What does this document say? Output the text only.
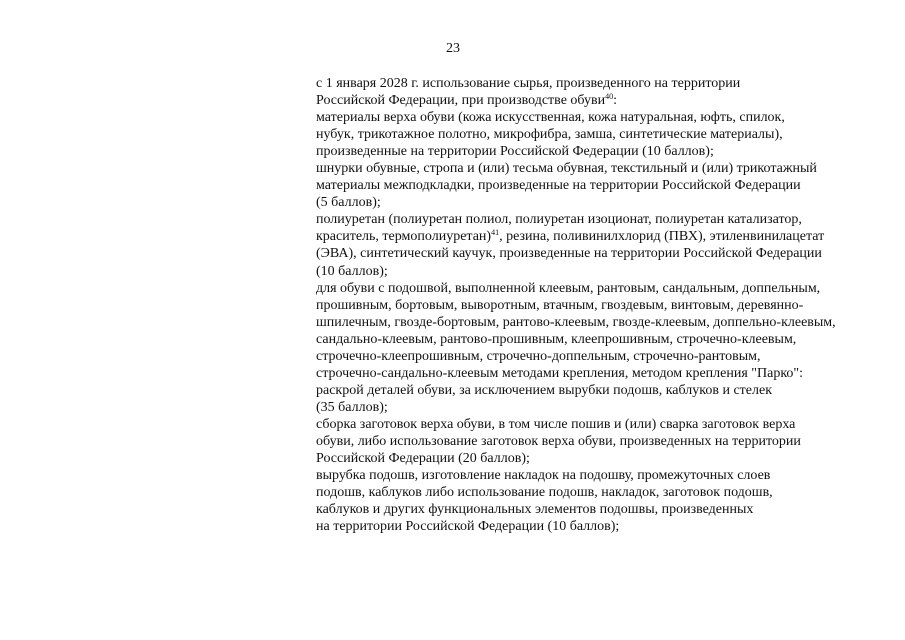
23
с 1 января 2028 г. использование сырья, произведенного на территории
Российской Федерации, при производстве обуви$^{40}$:
материалы верха обуви (кожа искусственная, кожа натуральная, юфть, спилок,
нубук, трикотажное полотно, микрофибра, замша, синтетические материалы),
произведенные на территории Российской Федерации (10 баллов);
шнурки обувные, стропа и (или) тесьма обувная, текстильный и (или) трикотажный
материалы межподкладки, произведенные на территории Российской Федерации
(5 баллов);
полиуретан (полиуретан полиол, полиуретан изоционат, полиуретан катализатор,
краситель, термополиуретан)$^{41}$, резина, поливинилхлорид (ПВХ), этиленвинилацетат
(ЭВА), синтетический каучук, произведенные на территории Российской Федерации
(10 баллов);
для обуви с подошвой, выполненной клеевым, рантовым, сандальным, доппельным,
прошивным, бортовым, выворотным, втачным, гвоздевым, винтовым, деревянно-
шпилечным, гвозде-бортовым, рантово-клеевым, гвозде-клеевым, доппельно-клеевым,
сандально-клеевым, рантово-прошивным, клеепрошивным, строчечно-клеевым,
строчечно-клеепрошивным, строчечно-доппельным, строчечно-рантовым,
строчечно-сандально-клеевым методами крепления, методом крепления "Парко":
раскрой деталей обуви, за исключением вырубки подошв, каблуков и стелек
(35 баллов);
сборка заготовок верха обуви, в том числе пошив и (или) сварка заготовок верха
обуви, либо использование заготовок верха обуви, произведенных на территории
Российской Федерации (20 баллов);
вырубка подошв, изготовление накладок на подошву, промежуточных слоев
подошв, каблуков либо использование подошв, накладок, заготовок подошв,
каблуков и других функциональных элементов подошвы, произведенных
на территории Российской Федерации (10 баллов);
